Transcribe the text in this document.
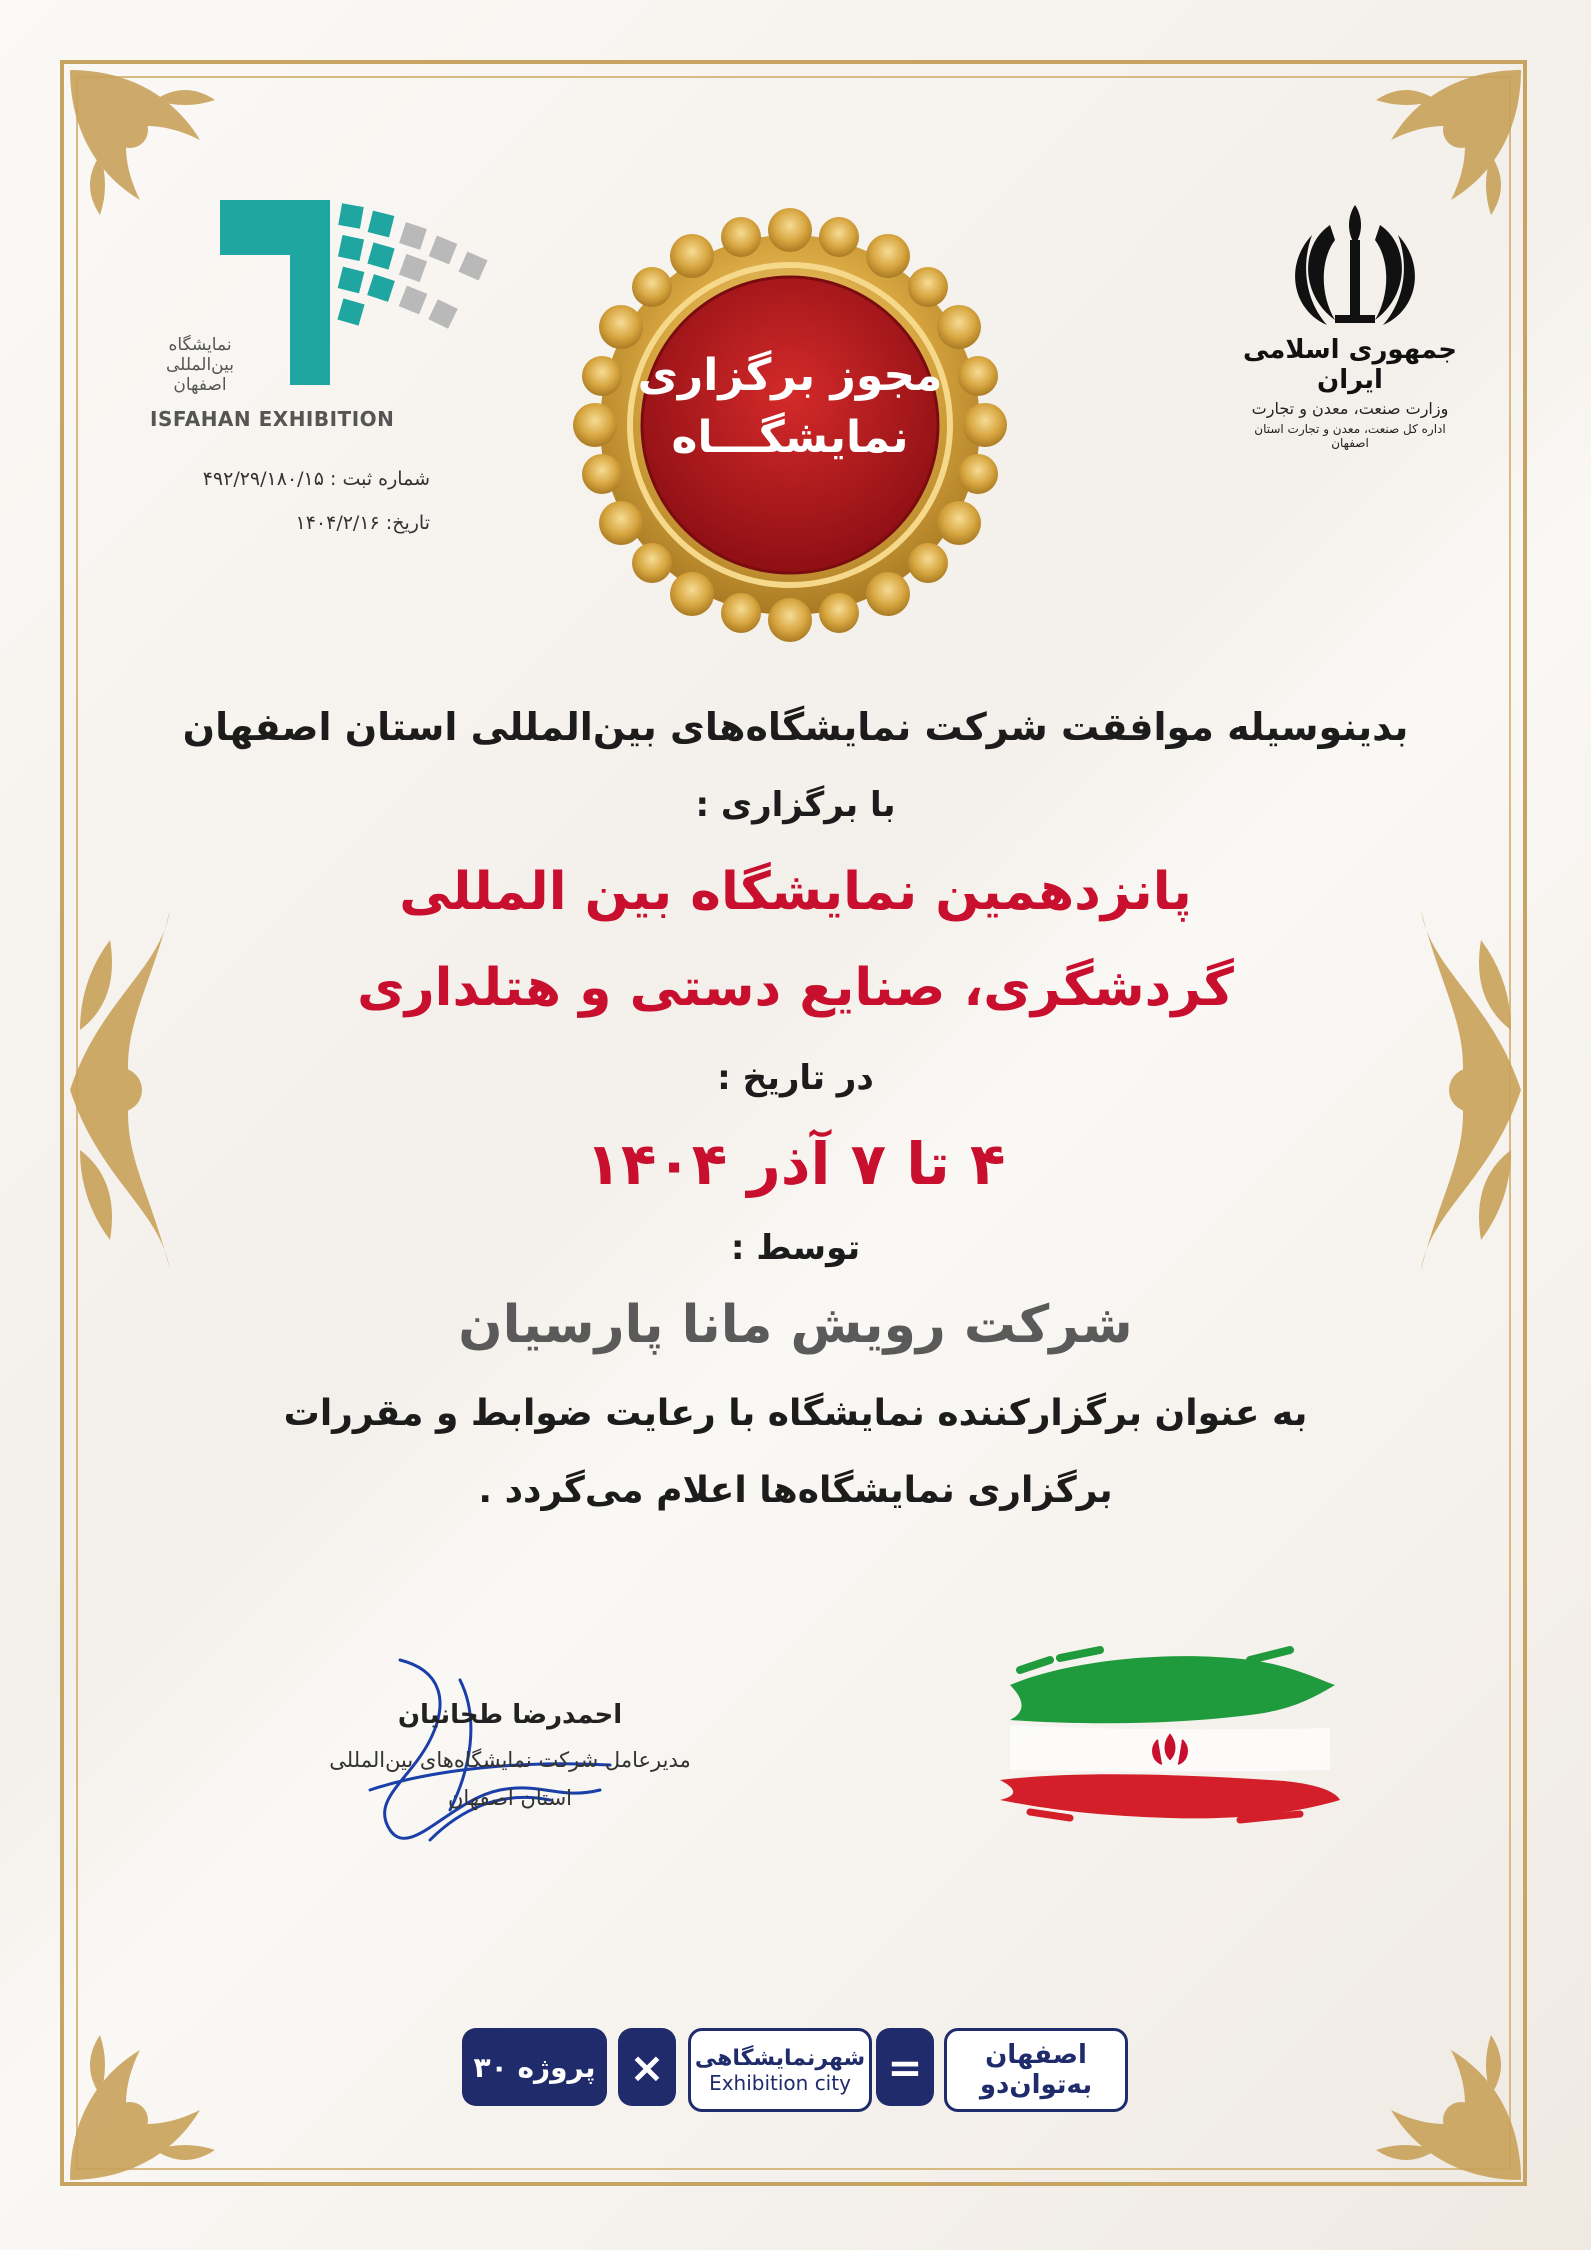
نمایشگاه
بین‌المللی
اصفهان
ISFAHAN EXHIBITION
شماره ثبت : ۴۹۲/۲۹/۱۸۰/۱۵
تاریخ: ۱۴۰۴/۲/۱۶
مجوز برگزاری
نمایشگـــاه
جمهوری اسلامی ایران
وزارت صنعت، معدن و تجارت
اداره کل صنعت، معدن و تجارت استان اصفهان
بدینوسیله موافقت شرکت نمایشگاه‌های بین‌المللی استان اصفهان
با برگزاری :
پانزدهمین نمایشگاه بین المللی
گردشگری، صنایع دستی و هتلداری
در تاریخ :
۴ تا ۷ آذر ۱۴۰۴
توسط :
شرکت رویش مانا پارسیان
به عنوان برگزارکننده نمایشگاه با رعایت ضوابط و مقررات
برگزاری نمایشگاه‌ها اعلام می‌گردد .
احمدرضا طحانیان
مدیرعامل شرکت نمایشگاه‌های بین‌المللی
استان اصفهان
۳۰ پروژه × شهرنمایشگاهی
Exhibition city = اصفهان
به‌توان‌دو
